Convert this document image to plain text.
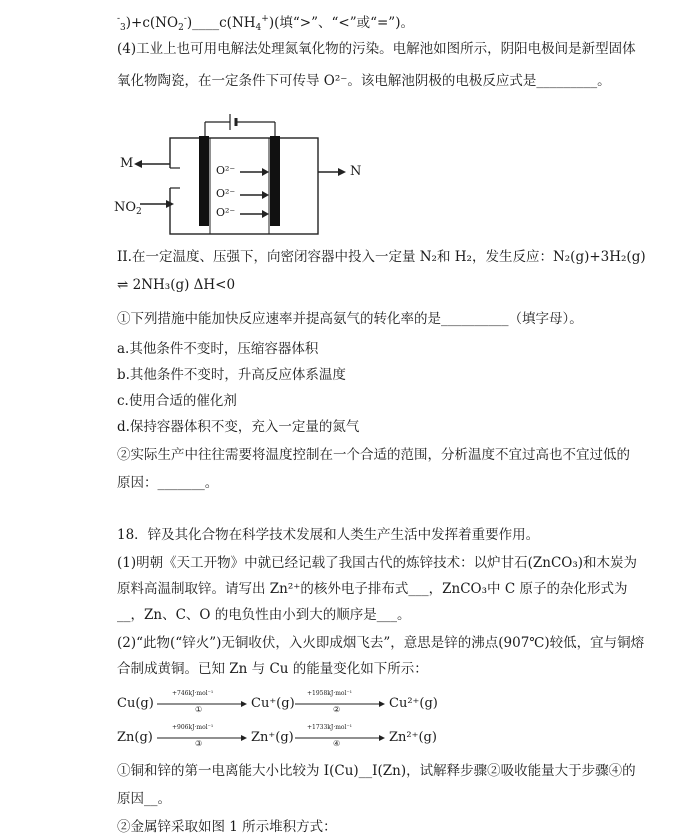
$^-_3)+c(NO_2^-)\_\_\_\_c(NH_4^+)$(填“>”、“<”或“=”)。
(4)工业上也可用电解法处理氮氧化物的污染。电解池如图所示，阴阳电极间是新型固体
氧化物陶瓷，在一定条件下可传导 O²⁻。该电解池阴极的电极反应式是_________。
M
$NO_2$
N
O²⁻
O²⁻
O²⁻
II.在一定温度、压强下，向密闭容器中投入一定量 N₂和 H₂，发生反应：N₂(g)+3H₂(g)
⇌ 2NH₃(g) ΔH<0
①下列措施中能加快反应速率并提高氨气的转化率的是__________（填字母）。
a.其他条件不变时，压缩容器体积
b.其他条件不变时，升高反应体系温度
c.使用合适的催化剂
d.保持容器体积不变，充入一定量的氮气
②实际生产中往往需要将温度控制在一个合适的范围，分析温度不宜过高也不宜过低的
原因：_______。
18．锌及其化合物在科学技术发展和人类生产生活中发挥着重要作用。
(1)明朝《天工开物》中就已经记载了我国古代的炼锌技术：以炉甘石(ZnCO₃)和木炭为
原料高温制取锌。请写出 Zn²⁺的核外电子排布式___，ZnCO₃中 C 原子的杂化形式为
__，Zn、C、O 的电负性由小到大的顺序是___。
(2)“此物(“锌火”)无铜收伏，入火即成烟飞去”，意思是锌的沸点(907℃)较低，宜与铜熔
合制成黄铜。已知 Zn 与 Cu 的能量变化如下所示：
Cu(g)
+746kJ·mol⁻¹
①	Cu⁺(g)
+1958kJ·mol⁻¹
②	Cu²⁺(g)
Zn(g)
+906kJ·mol⁻¹
③	Zn⁺(g)
+1733kJ·mol⁻¹
④	Zn²⁺(g)
①铜和锌的第一电离能大小比较为 I(Cu)__I(Zn)，试解释步骤②吸收能量大于步骤④的
原因__。
②金属锌采取如图 1 所示堆积方式：
